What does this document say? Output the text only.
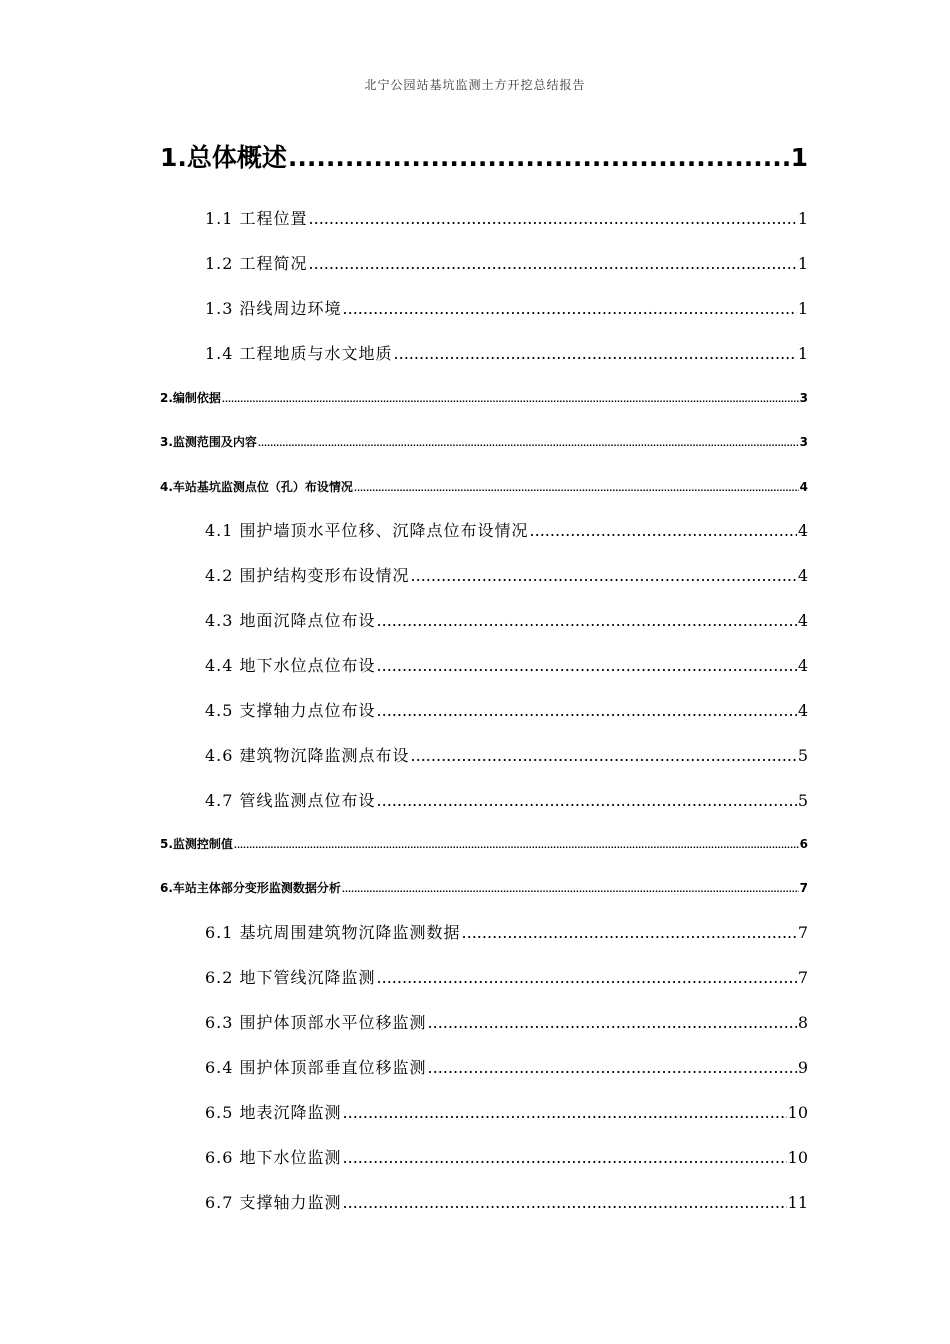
北宁公园站基坑监测土方开挖总结报告
1.总体概述 .....	1
1.1 工程位置 .....	1
1.2 工程简况 .....	1
1.3 沿线周边环境 .....	1
1.4 工程地质与水文地质 .....	1
2.编制依据 .....	3
3.监测范围及内容 .....	3
4.车站基坑监测点位（孔）布设情况 .....	4
4.1 围护墙顶水平位移、沉降点位布设情况 .....	4
4.2 围护结构变形布设情况 .....	4
4.3 地面沉降点位布设 .....	4
4.4 地下水位点位布设 .....	4
4.5 支撑轴力点位布设 .....	4
4.6 建筑物沉降监测点布设 .....	5
4.7 管线监测点位布设 .....	5
5.监测控制值 .....	6
6.车站主体部分变形监测数据分析 .....	7
6.1 基坑周围建筑物沉降监测数据 .....	7
6.2 地下管线沉降监测 .....	7
6.3 围护体顶部水平位移监测 .....	8
6.4 围护体顶部垂直位移监测 .....	9
6.5 地表沉降监测 .....	10
6.6 地下水位监测 .....	10
6.7 支撑轴力监测 .....	11
